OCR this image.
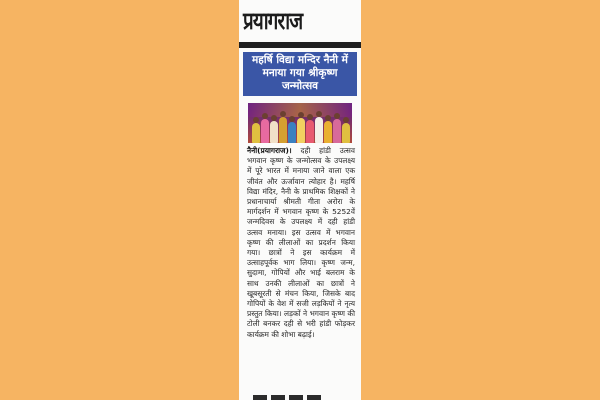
प्रयागराज

महर्षि विद्या मन्दिर नैनी में मनाया गया श्रीकृष्ण जन्मोत्सव

नैनी(प्रयागराज)। दही हांडी उत्सव भगवान कृष्ण के जन्मोत्सव के उपलक्ष्य में पूरे भारत में मनाया जाने वाला एक जीवंत और ऊर्जावान त्योहार है। महर्षि विद्या मंदिर, नैनी के प्राथमिक शिक्षकों ने प्रधानाचार्या श्रीमती गीता अरोरा के मार्गदर्शन में भगवान कृष्ण के 5252वें जन्मदिवस के उपलक्ष्य में दही हांडी उत्सव मनाया। इस उत्सव में भगवान कृष्ण की लीलाओं का प्रदर्शन किया गया। छात्रों ने इस कार्यक्रम में उत्साहपूर्वक भाग लिया। कृष्ण जन्म, सुदामा, गोपियों और भाई बलराम के साथ उनकी लीलाओं का छात्रों ने खूबसूरती से मंचन किया, जिसके बाद गोपियों के वेश में सजी लड़कियों ने नृत्य प्रस्तुत किया। लड़कों ने भगवान कृष्ण की टोली बनकर दही से भरी हांडी फोड़कर कार्यक्रम की शोभा बढ़ाई।
